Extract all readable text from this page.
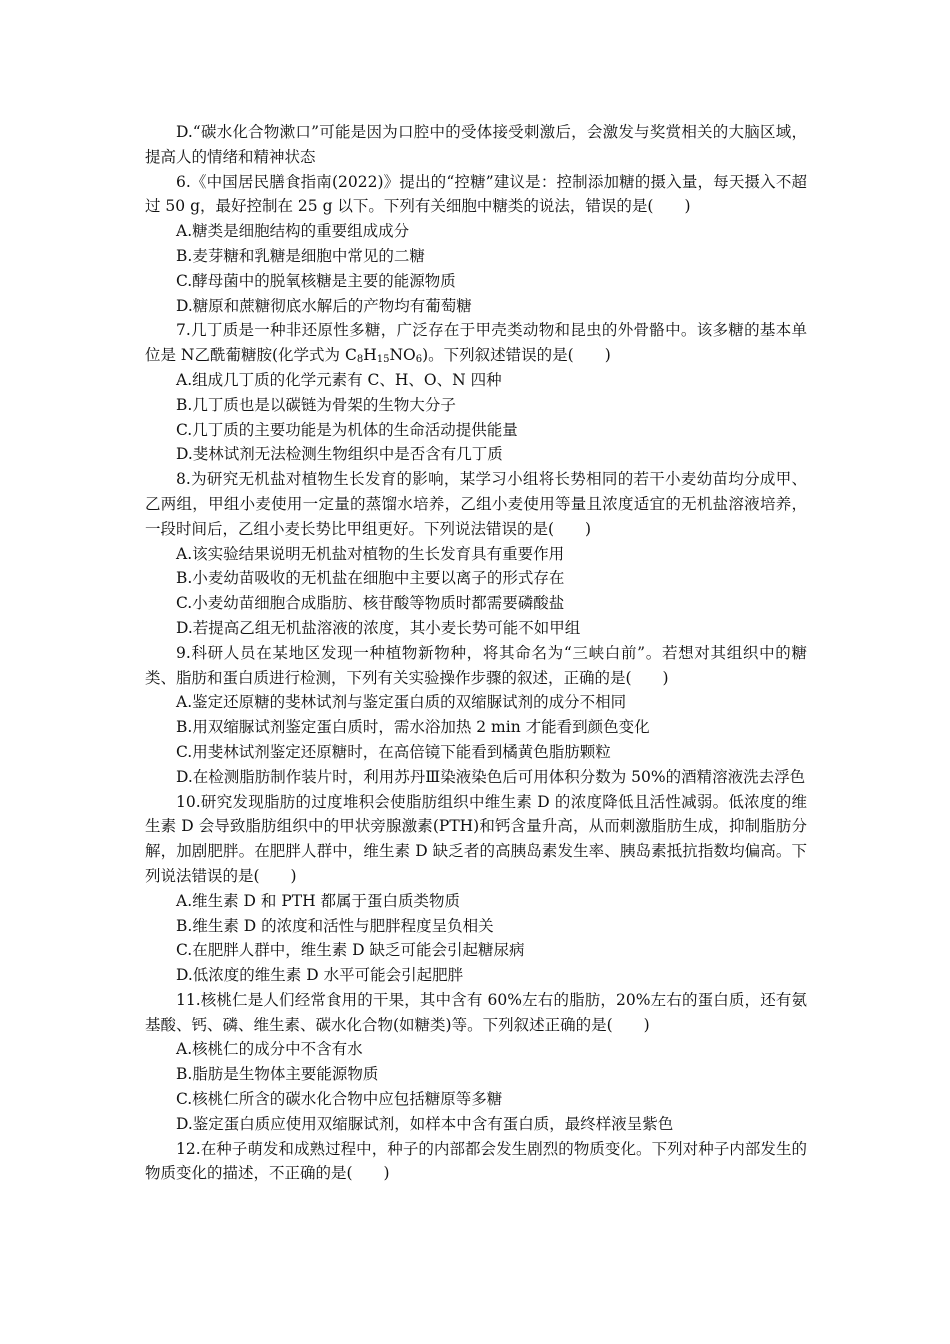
D.“碳水化合物漱口”可能是因为口腔中的受体接受刺激后，会激发与奖赏相关的大脑区域，提高人的情绪和精神状态

6.《中国居民膳食指南(2022)》提出的“控糖”建议是：控制添加糖的摄入量，每天摄入不超过 50 g，最好控制在 25 g 以下。下列有关细胞中糖类的说法，错误的是(　　)

A.糖类是细胞结构的重要组成成分

B.麦芽糖和乳糖是细胞中常见的二糖

C.酵母菌中的脱氧核糖是主要的能源物质

D.糖原和蔗糖彻底水解后的产物均有葡萄糖

7.几丁质是一种非还原性多糖，广泛存在于甲壳类动物和昆虫的外骨骼中。该多糖的基本单位是 N乙酰葡糖胺(化学式为 $C_8H_{15}NO_6$)。下列叙述错误的是(　　)

A.组成几丁质的化学元素有 C、H、O、N 四种

B.几丁质也是以碳链为骨架的生物大分子

C.几丁质的主要功能是为机体的生命活动提供能量

D.斐林试剂无法检测生物组织中是否含有几丁质

8.为研究无机盐对植物生长发育的影响，某学习小组将长势相同的若干小麦幼苗均分成甲、乙两组，甲组小麦使用一定量的蒸馏水培养，乙组小麦使用等量且浓度适宜的无机盐溶液培养，一段时间后，乙组小麦长势比甲组更好。下列说法错误的是(　　)

A.该实验结果说明无机盐对植物的生长发育具有重要作用

B.小麦幼苗吸收的无机盐在细胞中主要以离子的形式存在

C.小麦幼苗细胞合成脂肪、核苷酸等物质时都需要磷酸盐

D.若提高乙组无机盐溶液的浓度，其小麦长势可能不如甲组

9.科研人员在某地区发现一种植物新物种，将其命名为“三峡白前”。若想对其组织中的糖类、脂肪和蛋白质进行检测，下列有关实验操作步骤的叙述，正确的是(　　)

A.鉴定还原糖的斐林试剂与鉴定蛋白质的双缩脲试剂的成分不相同

B.用双缩脲试剂鉴定蛋白质时，需水浴加热 2 min 才能看到颜色变化

C.用斐林试剂鉴定还原糖时，在高倍镜下能看到橘黄色脂肪颗粒

D.在检测脂肪制作装片时，利用苏丹Ⅲ染液染色后可用体积分数为 50%的酒精溶液洗去浮色

10.研究发现脂肪的过度堆积会使脂肪组织中维生素 D 的浓度降低且活性减弱。低浓度的维生素 D 会导致脂肪组织中的甲状旁腺激素(PTH)和钙含量升高，从而刺激脂肪生成，抑制脂肪分解，加剧肥胖。在肥胖人群中，维生素 D 缺乏者的高胰岛素发生率、胰岛素抵抗指数均偏高。下列说法错误的是(　　)

A.维生素 D 和 PTH 都属于蛋白质类物质

B.维生素 D 的浓度和活性与肥胖程度呈负相关

C.在肥胖人群中，维生素 D 缺乏可能会引起糖尿病

D.低浓度的维生素 D 水平可能会引起肥胖

11.核桃仁是人们经常食用的干果，其中含有 60%左右的脂肪，20%左右的蛋白质，还有氨基酸、钙、磷、维生素、碳水化合物(如糖类)等。下列叙述正确的是(　　)

A.核桃仁的成分中不含有水

B.脂肪是生物体主要能源物质

C.核桃仁所含的碳水化合物中应包括糖原等多糖

D.鉴定蛋白质应使用双缩脲试剂，如样本中含有蛋白质，最终样液呈紫色

12.在种子萌发和成熟过程中，种子的内部都会发生剧烈的物质变化。下列对种子内部发生的物质变化的描述，不正确的是(　　)
